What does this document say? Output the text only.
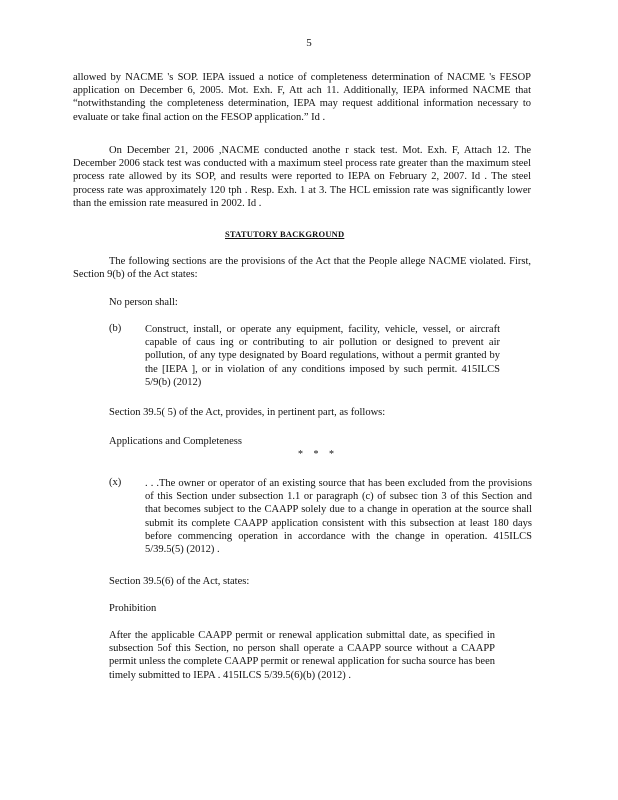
5

allowed by NACME 's SOP. IEPA issued a notice of completeness determination of NACME 's FESOP application on December 6, 2005. Mot. Exh. F, Att ach 11. Additionally, IEPA informed NACME that “notwithstanding the completeness determination, IEPA may request additional information necessary to evaluate or take final action on the FESOP application.” Id .

On December 21, 2006 ,NACME conducted anothe r stack test. Mot. Exh. F, Attach 12. The December 2006 stack test was conducted with a maximum steel process rate greater than the maximum steel process rate allowed by its SOP, and results were reported to IEPA on February 2, 2007. Id . The steel process rate was approximately 120 tph . Resp. Exh. 1 at 3. The HCL emission rate was significantly lower than the emission rate measured in 2002. Id .

STATUTORY BACKGROUND

The following sections are the provisions of the Act that the People allege NACME violated. First, Section 9(b) of the Act states:

No person shall:
(b) Construct, install, or operate any equipment, facility, vehicle, vessel, or aircraft capable of caus ing or contributing to air pollution or designed to prevent air pollution, of any type designated by Board regulations, without a permit granted by the [IEPA ], or in violation of any conditions imposed by such permit. 415ILCS 5/9(b) (2012)
Section 39.5( 5) of the Act, provides, in pertinent part, as follows:
Applications and Completeness
* * *
(x) . . .The owner or operator of an existing source that has been excluded from the provisions of this Section under subsection 1.1 or paragraph (c) of subsec tion 3 of this Section and that becomes subject to the CAAPP solely due to a change in operation at the source shall submit its complete CAAPP application consistent with this subsection at least 180 days before commencing operation in accordance with the change in operation. 415ILCS 5/39.5(5) (2012) .
Section 39.5(6) of the Act, states:
Prohibition
After the applicable CAAPP permit or renewal application submittal date, as specified in subsection 5of this Section, no person shall operate a CAAPP source without a CAAPP permit unless the complete CAAPP permit or renewal application for sucha source has been timely submitted to IEPA . 415ILCS 5/39.5(6)(b) (2012) .
